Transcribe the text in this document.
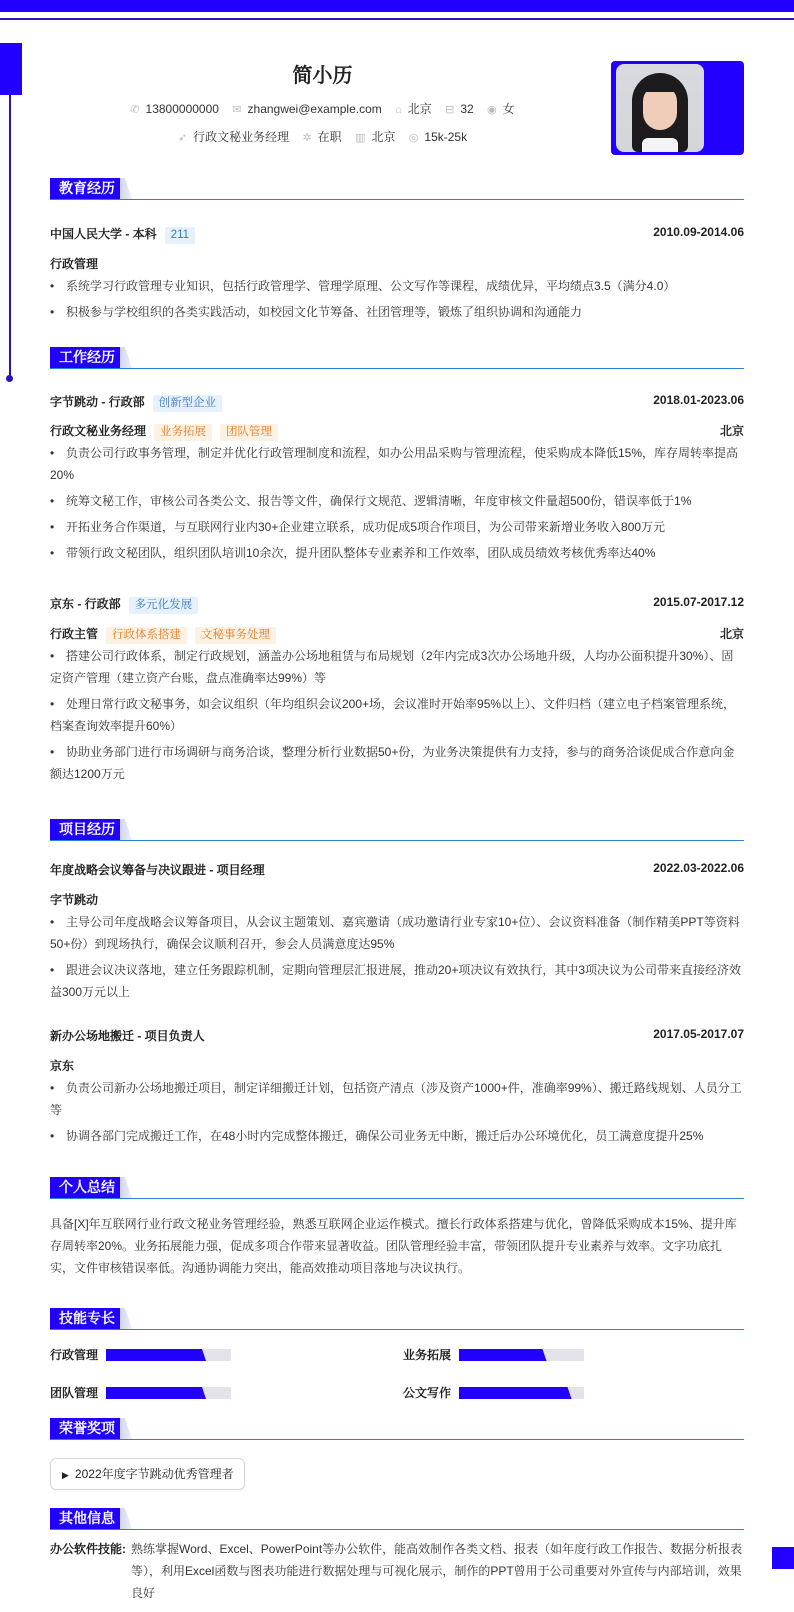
简小历
✆ 13800000000 ✉ zhangwei@example.com ⌂ 北京 ⊟ 32 ◉ 女
➶ 行政文秘业务经理 ✲ 在职 ▥ 北京 ◎ 15k-25k
教育经历
中国人民大学 - 本科 211	2010.09-2014.06
行政管理
• 系统学习行政管理专业知识，包括行政管理学、管理学原理、公文写作等课程，成绩优异，平均绩点3.5（满分4.0）
• 积极参与学校组织的各类实践活动，如校园文化节筹备、社团管理等，锻炼了组织协调和沟通能力
工作经历
字节跳动 - 行政部 创新型企业	2018.01-2023.06
行政文秘业务经理 业务拓展 团队管理	北京
• 负责公司行政事务管理，制定并优化行政管理制度和流程，如办公用品采购与管理流程，使采购成本降低15%，库存周转率提高20%
• 统筹文秘工作，审核公司各类公文、报告等文件，确保行文规范、逻辑清晰，年度审核文件量超500份，错误率低于1%
• 开拓业务合作渠道，与互联网行业内30+企业建立联系，成功促成5项合作项目，为公司带来新增业务收入800万元
• 带领行政文秘团队，组织团队培训10余次，提升团队整体专业素养和工作效率，团队成员绩效考核优秀率达40%
京东 - 行政部 多元化发展	2015.07-2017.12
行政主管 行政体系搭建 文秘事务处理	北京
• 搭建公司行政体系，制定行政规划，涵盖办公场地租赁与布局规划（2年内完成3次办公场地升级，人均办公面积提升30%）、固定资产管理（建立资产台账，盘点准确率达99%）等
• 处理日常行政文秘事务，如会议组织（年均组织会议200+场，会议准时开始率95%以上）、文件归档（建立电子档案管理系统，档案查询效率提升60%）
• 协助业务部门进行市场调研与商务洽谈，整理分析行业数据50+份，为业务决策提供有力支持，参与的商务洽谈促成合作意向金额达1200万元
项目经历
年度战略会议筹备与决议跟进 - 项目经理	2022.03-2022.06
字节跳动
• 主导公司年度战略会议筹备项目，从会议主题策划、嘉宾邀请（成功邀请行业专家10+位）、会议资料准备（制作精美PPT等资料50+份）到现场执行，确保会议顺利召开，参会人员满意度达95%
• 跟进会议决议落地，建立任务跟踪机制，定期向管理层汇报进展，推动20+项决议有效执行，其中3项决议为公司带来直接经济效益300万元以上
新办公场地搬迁 - 项目负责人	2017.05-2017.07
京东
• 负责公司新办公场地搬迁项目，制定详细搬迁计划，包括资产清点（涉及资产1000+件，准确率99%）、搬迁路线规划、人员分工等
• 协调各部门完成搬迁工作，在48小时内完成整体搬迁，确保公司业务无中断，搬迁后办公环境优化，员工满意度提升25%
个人总结
具备[X]年互联网行业行政文秘业务管理经验，熟悉互联网企业运作模式。擅长行政体系搭建与优化，曾降低采购成本15%、提升库存周转率20%。业务拓展能力强，促成多项合作带来显著收益。团队管理经验丰富，带领团队提升专业素养与效率。文字功底扎实，文件审核错误率低。沟通协调能力突出，能高效推动项目落地与决议执行。
技能专长
行政管理	业务拓展
团队管理	公文写作
荣誉奖项
▶ 2022年度字节跳动优秀管理者
其他信息
办公软件技能: 熟练掌握Word、Excel、PowerPoint等办公软件，能高效制作各类文档、报表（如年度行政工作报告、数据分析报表等），利用Excel函数与图表功能进行数据处理与可视化展示，制作的PPT曾用于公司重要对外宣传与内部培训，效果良好
